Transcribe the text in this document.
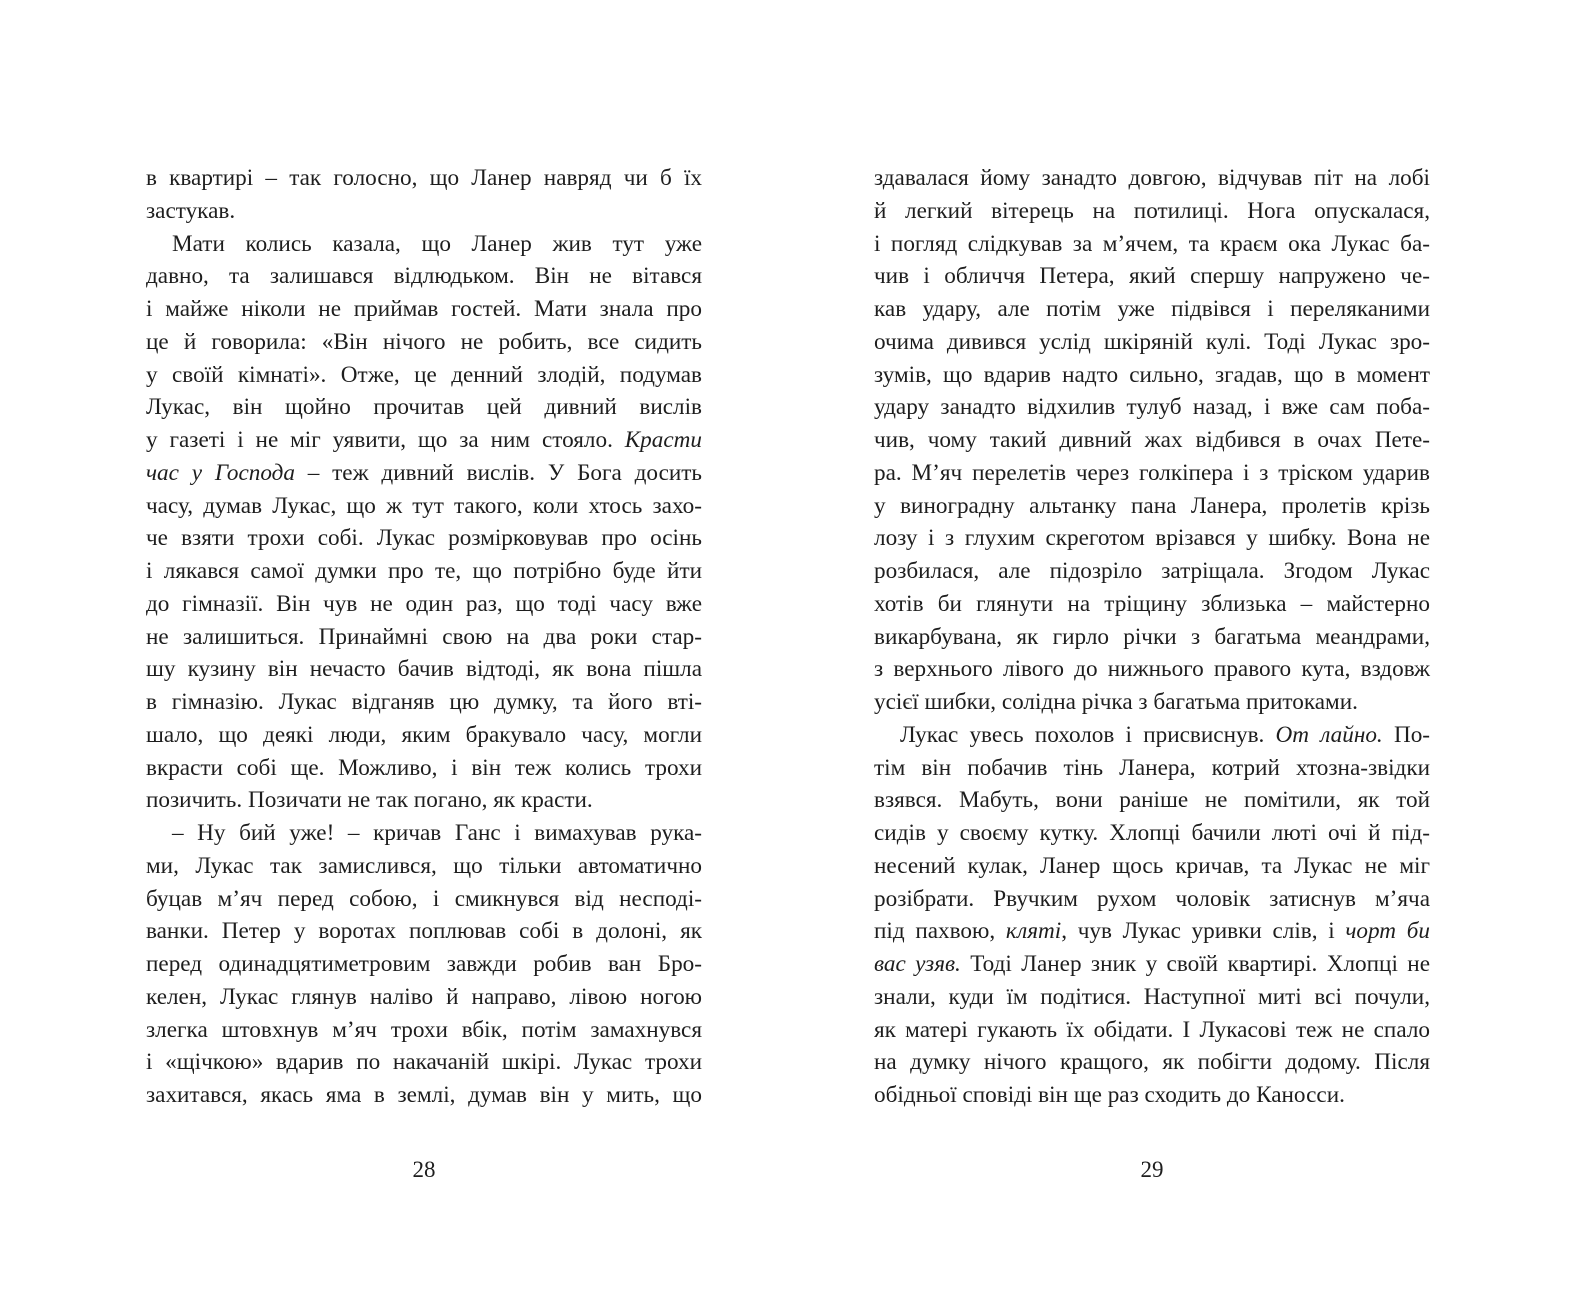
в квартирі – так голосно, що Ланер навряд чи б їх
застукав.
Мати колись казала, що Ланер жив тут уже
давно, та залишався відлюдьком. Він не вітався
і майже ніколи не приймав гостей. Мати знала про
це й говорила: «Він нічого не робить, все сидить
у своїй кімнаті». Отже, це денний злодій, подумав
Лукас, він щойно прочитав цей дивний вислів
у газеті і не міг уявити, що за ним стояло. Красти
час у Господа – теж дивний вислів. У Бога досить
часу, думав Лукас, що ж тут такого, коли хтось захо-
че взяти трохи собі. Лукас розмірковував про осінь
і лякався самої думки про те, що потрібно буде йти
до гімназії. Він чув не один раз, що тоді часу вже
не залишиться. Принаймні свою на два роки стар-
шу кузину він нечасто бачив відтоді, як вона пішла
в гімназію. Лукас відганяв цю думку, та його вті-
шало, що деякі люди, яким бракувало часу, могли
вкрасти собі ще. Можливо, і він теж колись трохи
позичить. Позичати не так погано, як красти.
– Ну бий уже! – кричав Ганс і вимахував рука-
ми, Лукас так замислився, що тільки автоматично
буцав м’яч перед собою, і смикнувся від несподі-
ванки. Петер у воротах поплював собі в долоні, як
перед одинадцятиметровим завжди робив ван Бро-
келен, Лукас глянув наліво й направо, лівою ногою
злегка штовхнув м’яч трохи вбік, потім замахнувся
і «щічкою» вдарив по накачаній шкірі. Лукас трохи
захитався, якась яма в землі, думав він у мить, що
28
здавалася йому занадто довгою, відчував піт на лобі
й легкий вітерець на потилиці. Нога опускалася,
і погляд слідкував за м’ячем, та краєм ока Лукас ба-
чив і обличчя Петера, який спершу напружено че-
кав удару, але потім уже підвівся і переляканими
очима дивився услід шкіряній кулі. Тоді Лукас зро-
зумів, що вдарив надто сильно, згадав, що в момент
удару занадто відхилив тулуб назад, і вже сам поба-
чив, чому такий дивний жах відбився в очах Петe-
ра. М’яч перелетів через голкіпера і з тріском ударив
у виноградну альтанку пана Ланера, пролетів крізь
лозу і з глухим скреготом врізався у шибку. Вона не
розбилася, але підозріло затріщала. Згодом Лукас
хотів би глянути на тріщину зблизька – майстерно
викарбувана, як гирло річки з багатьма меандрами,
з верхнього лівого до нижнього правого кута, вздовж
усієї шибки, солідна річка з багатьма притоками.
Лукас увесь похолов і присвиснув. От лайно. По-
тім він побачив тінь Ланера, котрий хтозна-звідки
взявся. Мабуть, вони раніше не помітили, як той
сидів у своєму кутку. Хлопці бачили люті очі й під-
несений кулак, Ланер щось кричав, та Лукас не міг
розібрати. Рвучким рухом чоловік затиснув м’яча
під пахвою, кляті, чув Лукас уривки слів, і чорт би
вас узяв. Тоді Ланер зник у своїй квартирі. Хлопці не
знали, куди їм подітися. Наступної миті всі почули,
як матері гукають їх обідати. І Лукасові теж не спало
на думку нічого кращого, як побігти додому. Після
обідньої сповіді він ще раз сходить до Каносси.
29
